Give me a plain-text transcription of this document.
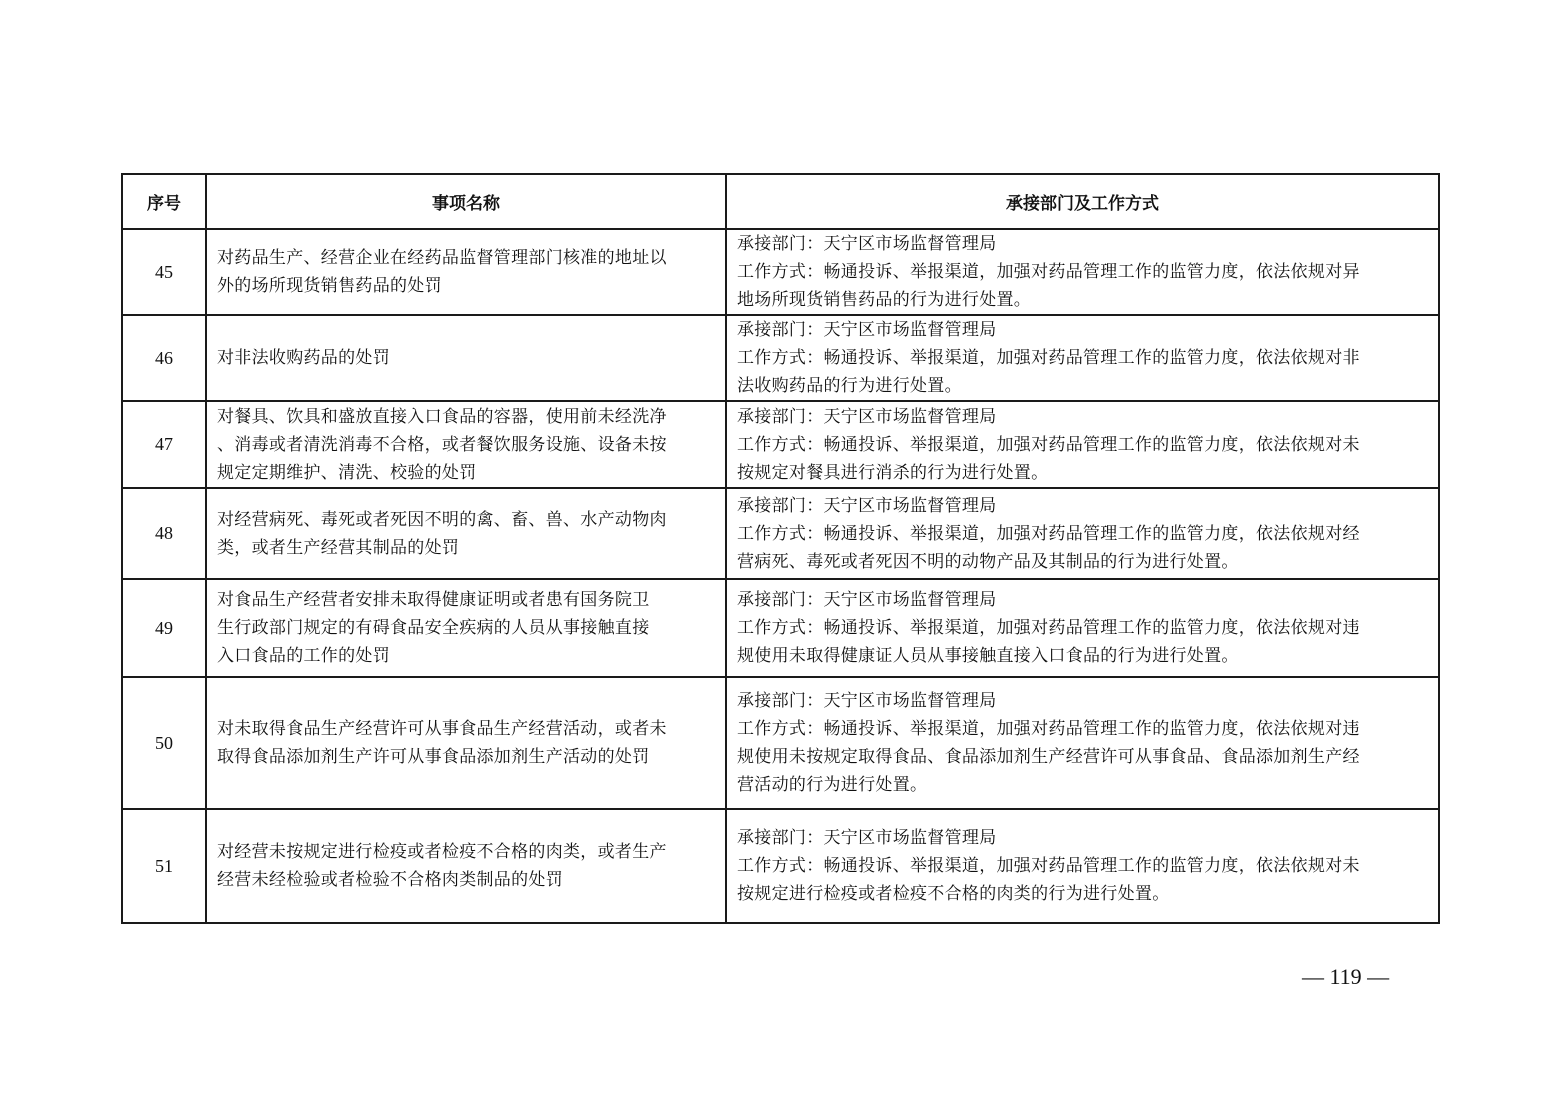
序号	事项名称	承接部门及工作方式
45	对药品生产、经营企业在经药品监督管理部门核准的地址以
外的场所现货销售药品的处罚	承接部门：天宁区市场监督管理局
工作方式：畅通投诉、举报渠道，加强对药品管理工作的监管力度，依法依规对异
地场所现货销售药品的行为进行处置。

46	对非法收购药品的处罚	承接部门：天宁区市场监督管理局
工作方式：畅通投诉、举报渠道，加强对药品管理工作的监管力度，依法依规对非
法收购药品的行为进行处置。

47	对餐具、饮具和盛放直接入口食品的容器，使用前未经洗净
、消毒或者清洗消毒不合格，或者餐饮服务设施、设备未按
规定定期维护、清洗、校验的处罚	承接部门：天宁区市场监督管理局
工作方式：畅通投诉、举报渠道，加强对药品管理工作的监管力度，依法依规对未
按规定对餐具进行消杀的行为进行处置。

48	对经营病死、毒死或者死因不明的禽、畜、兽、水产动物肉
类，或者生产经营其制品的处罚	承接部门：天宁区市场监督管理局
工作方式：畅通投诉、举报渠道，加强对药品管理工作的监管力度，依法依规对经
营病死、毒死或者死因不明的动物产品及其制品的行为进行处置。

49	对食品生产经营者安排未取得健康证明或者患有国务院卫
生行政部门规定的有碍食品安全疾病的人员从事接触直接
入口食品的工作的处罚	承接部门：天宁区市场监督管理局
工作方式：畅通投诉、举报渠道，加强对药品管理工作的监管力度，依法依规对违
规使用未取得健康证人员从事接触直接入口食品的行为进行处置。

50	对未取得食品生产经营许可从事食品生产经营活动，或者未
取得食品添加剂生产许可从事食品添加剂生产活动的处罚	承接部门：天宁区市场监督管理局
工作方式：畅通投诉、举报渠道，加强对药品管理工作的监管力度，依法依规对违
规使用未按规定取得食品、食品添加剂生产经营许可从事食品、食品添加剂生产经
营活动的行为进行处置。

51	对经营未按规定进行检疫或者检疫不合格的肉类，或者生产
经营未经检验或者检验不合格肉类制品的处罚	承接部门：天宁区市场监督管理局
工作方式：畅通投诉、举报渠道，加强对药品管理工作的监管力度，依法依规对未
按规定进行检疫或者检疫不合格的肉类的行为进行处置。
— 119 —
